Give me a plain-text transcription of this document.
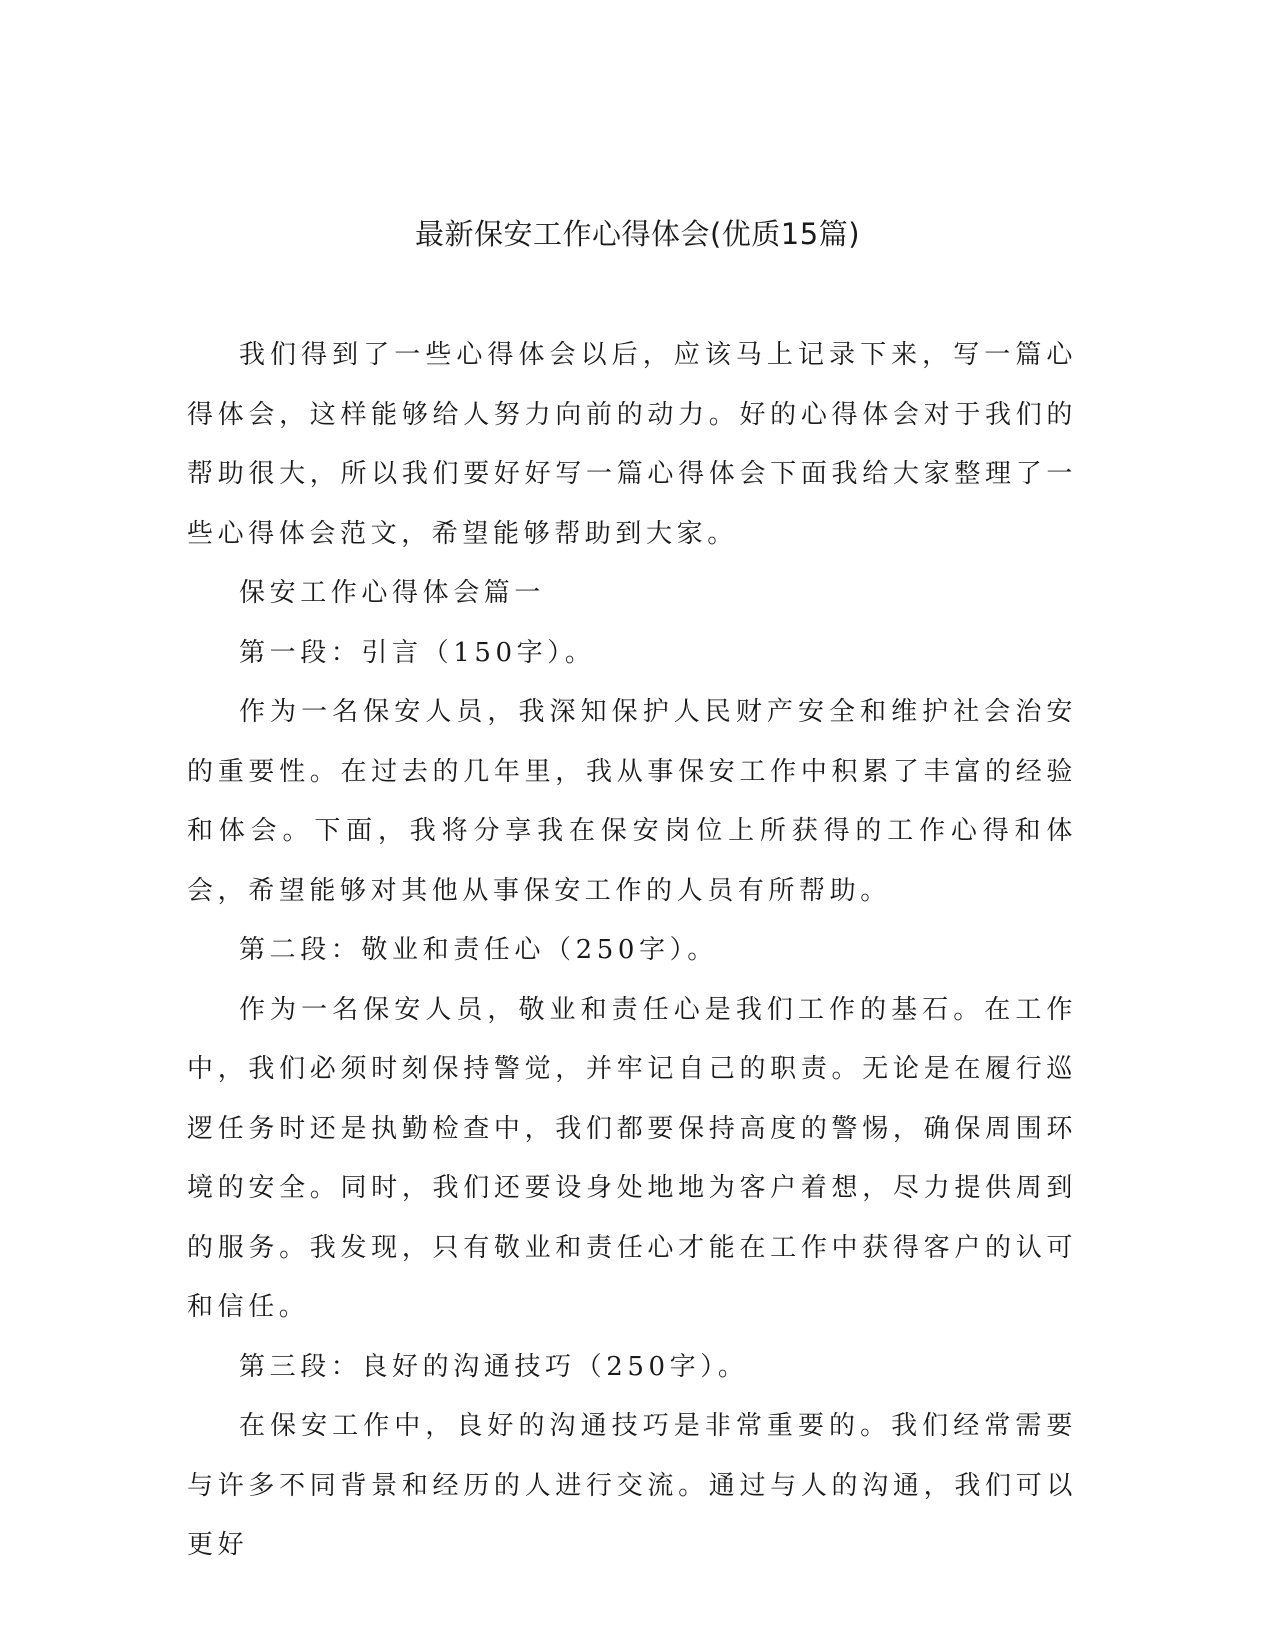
最新保安工作心得体会(优质15篇)

我们得到了一些心得体会以后，应该马上记录下来，写一篇心得体会，这样能够给人努力向前的动力。好的心得体会对于我们的帮助很大，所以我们要好好写一篇心得体会下面我给大家整理了一些心得体会范文，希望能够帮助到大家。

保安工作心得体会篇一

第一段：引言（150字）。

作为一名保安人员，我深知保护人民财产安全和维护社会治安的重要性。在过去的几年里，我从事保安工作中积累了丰富的经验和体会。下面，我将分享我在保安岗位上所获得的工作心得和体会，希望能够对其他从事保安工作的人员有所帮助。

第二段：敬业和责任心（250字）。

作为一名保安人员，敬业和责任心是我们工作的基石。在工作中，我们必须时刻保持警觉，并牢记自己的职责。无论是在履行巡逻任务时还是执勤检查中，我们都要保持高度的警惕，确保周围环境的安全。同时，我们还要设身处地地为客户着想，尽力提供周到的服务。我发现，只有敬业和责任心才能在工作中获得客户的认可和信任。

第三段：良好的沟通技巧（250字）。

在保安工作中，良好的沟通技巧是非常重要的。我们经常需要与许多不同背景和经历的人进行交流。通过与人的沟通，我们可以更好
